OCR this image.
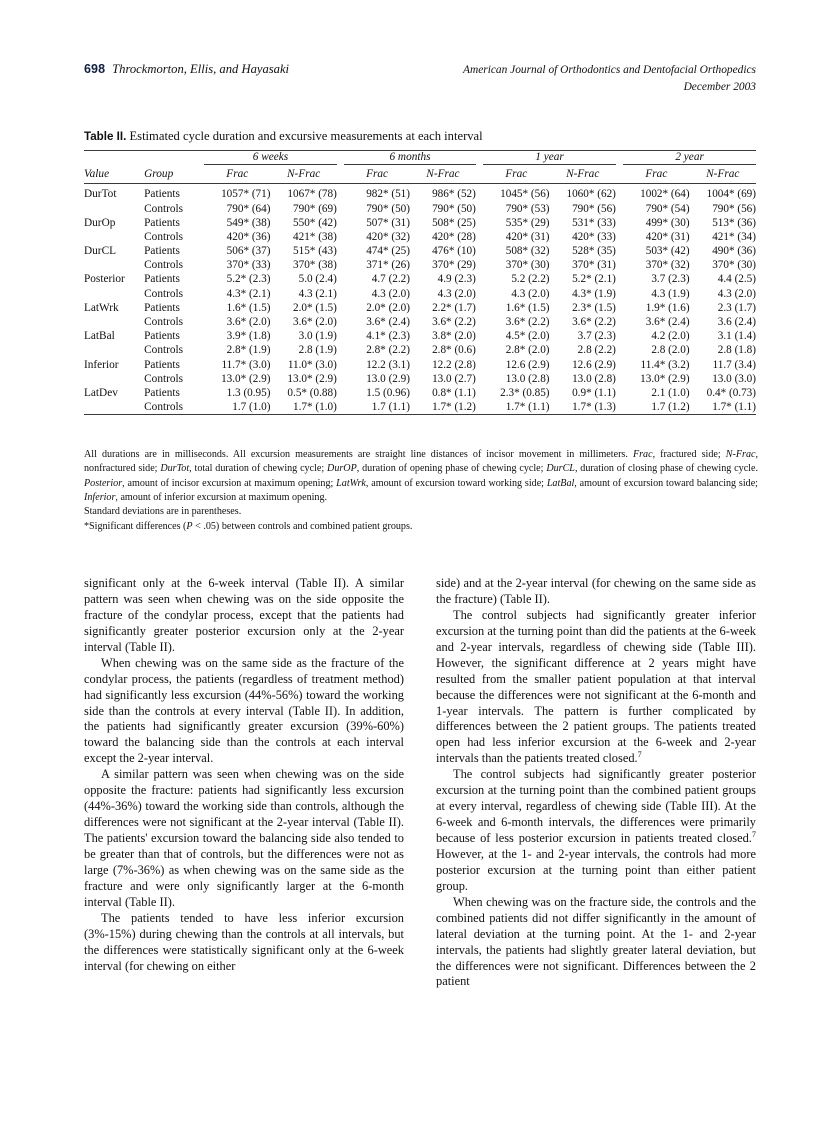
698 Throckmorton, Ellis, and Hayasaki	American Journal of Orthodontics and Dentofacial Orthopedics
December 2003
Table II. Estimated cycle duration and excursive measurements at each interval
		6 weeks			6 months			1 year			2 year	
Value	Group	Frac	N-Frac		Frac	N-Frac		Frac	N-Frac		Frac	N-Frac
DurTot	Patients	1057* (71)	1067* (78)		982* (51)	986* (52)		1045* (56)	1060* (62)		1002* (64)	1004* (69)
	Controls	790* (64)	790* (69)		790* (50)	790* (50)		790* (53)	790* (56)		790* (54)	790* (56)
DurOp	Patients	549* (38)	550* (42)		507* (31)	508* (25)		535* (29)	531* (33)		499* (30)	513* (36)
	Controls	420* (36)	421* (38)		420* (32)	420* (28)		420* (31)	420* (33)		420* (31)	421* (34)
DurCL	Patients	506* (37)	515* (43)		474* (25)	476* (10)		508* (32)	528* (35)		503* (42)	490* (36)
	Controls	370* (33)	370* (38)		371* (26)	370* (29)		370* (30)	370* (31)		370* (32)	370* (30)
Posterior	Patients	5.2* (2.3)	5.0 (2.4)		4.7 (2.2)	4.9 (2.3)		5.2 (2.2)	5.2* (2.1)		3.7 (2.3)	4.4 (2.5)
	Controls	4.3* (2.1)	4.3 (2.1)		4.3 (2.0)	4.3 (2.0)		4.3 (2.0)	4.3* (1.9)		4.3 (1.9)	4.3 (2.0)
LatWrk	Patients	1.6* (1.5)	2.0* (1.5)		2.0* (2.0)	2.2* (1.7)		1.6* (1.5)	2.3* (1.5)		1.9* (1.6)	2.3 (1.7)
	Controls	3.6* (2.0)	3.6* (2.0)		3.6* (2.4)	3.6* (2.2)		3.6* (2.2)	3.6* (2.2)		3.6* (2.4)	3.6 (2.4)
LatBal	Patients	3.9* (1.8)	3.0 (1.9)		4.1* (2.3)	3.8* (2.0)		4.5* (2.0)	3.7 (2.3)		4.2 (2.0)	3.1 (1.4)
	Controls	2.8* (1.9)	2.8 (1.9)		2.8* (2.2)	2.8* (0.6)		2.8* (2.0)	2.8 (2.2)		2.8 (2.0)	2.8 (1.8)
Inferior	Patients	11.7* (3.0)	11.0* (3.0)		12.2 (3.1)	12.2 (2.8)		12.6 (2.9)	12.6 (2.9)		11.4* (3.2)	11.7 (3.4)
	Controls	13.0* (2.9)	13.0* (2.9)		13.0 (2.9)	13.0 (2.7)		13.0 (2.8)	13.0 (2.8)		13.0* (2.9)	13.0 (3.0)
LatDev	Patients	1.3 (0.95)	0.5* (0.88)		1.5 (0.96)	0.8* (1.1)		2.3* (0.85)	0.9* (1.1)		2.1 (1.0)	0.4* (0.73)
	Controls	1.7 (1.0)	1.7* (1.0)		1.7 (1.1)	1.7* (1.2)		1.7* (1.1)	1.7* (1.3)		1.7 (1.2)	1.7* (1.1)

All durations are in milliseconds. All excursion measurements are straight line distances of incisor movement in millimeters. Frac, fractured side; N-Frac, nonfractured side; DurTot, total duration of chewing cycle; DurOP, duration of opening phase of chewing cycle; DurCL, duration of closing phase of chewing cycle. Posterior, amount of incisor excursion at maximum opening; LatWrk, amount of excursion toward working side; LatBal, amount of excursion toward balancing side; Inferior, amount of inferior excursion at maximum opening.

Standard deviations are in parentheses.

*Significant differences (P < .05) between controls and combined patient groups.

significant only at the 6-week interval (Table II). A similar pattern was seen when chewing was on the side opposite the fracture of the condylar process, except that the patients had significantly greater posterior excursion only at the 2-year interval (Table II).

When chewing was on the same side as the fracture of the condylar process, the patients (regardless of treatment method) had significantly less excursion (44%-56%) toward the working side than the controls at every interval (Table II). In addition, the patients had significantly greater excursion (39%-60%) toward the balancing side than the controls at each interval except the 2-year interval.

A similar pattern was seen when chewing was on the side opposite the fracture: patients had significantly less excursion (44%-36%) toward the working side than controls, although the differences were not significant at the 2-year interval (Table II). The patients' excursion toward the balancing side also tended to be greater than that of controls, but the differences were not as large (7%-36%) as when chewing was on the same side as the fracture and were only significantly larger at the 6-month interval (Table II).

The patients tended to have less inferior excursion (3%-15%) during chewing than the controls at all intervals, but the differences were statistically significant only at the 6-week interval (for chewing on either

side) and at the 2-year interval (for chewing on the same side as the fracture) (Table II).

The control subjects had significantly greater inferior excursion at the turning point than did the patients at the 6-week and 2-year intervals, regardless of chewing side (Table III). However, the significant difference at 2 years might have resulted from the smaller patient population at that interval because the differences were not significant at the 6-month and 1-year intervals. The pattern is further complicated by differences between the 2 patient groups. The patients treated open had less inferior excursion at the 6-week and 2-year intervals than the patients treated closed.$^7$

The control subjects had significantly greater posterior excursion at the turning point than the combined patient groups at every interval, regardless of chewing side (Table III). At the 6-week and 6-month intervals, the differences were primarily because of less posterior excursion in patients treated closed.$^7$ However, at the 1- and 2-year intervals, the controls had more posterior excursion at the turning point than either patient group.

When chewing was on the fracture side, the controls and the combined patients did not differ significantly in the amount of lateral deviation at the turning point. At the 1- and 2-year intervals, the patients had slightly greater lateral deviation, but the differences were not significant. Differences between the 2 patient
